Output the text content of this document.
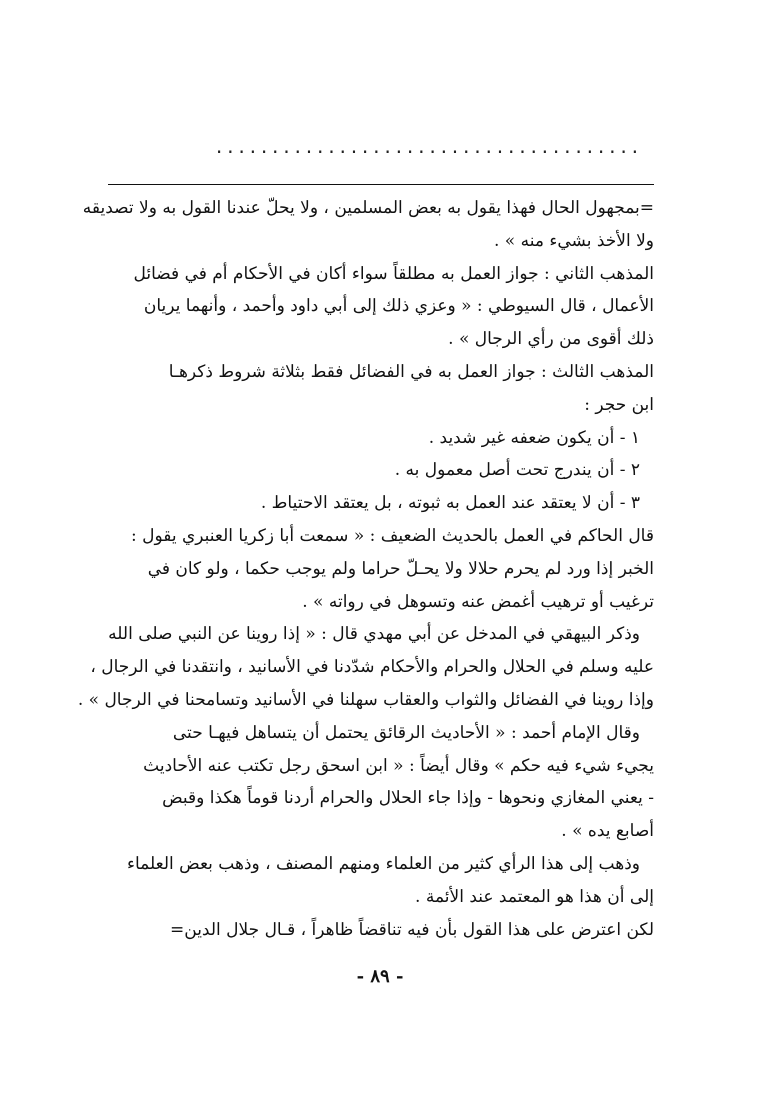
......................................
=بمجهول الحال فهذا يقول به بعض المسلمين ، ولا يحلّ عندنا القول به ولا تصديقه
ولا الأخذ بشيء منه » .
المذهب الثاني : جواز العمل به مطلقاً سواء أكان في الأحكام أم في فضائل
الأعمال ، قال السيوطي : « وعزي ذلك إلى أبي داود وأحمد ، وأنهما يريان
ذلك أقوى من رأي الرجال » .
المذهب الثالث : جواز العمل به في الفضائل فقط بثلاثة شروط ذكرهـا
ابن حجر :
١ - أن يكون ضعفه غير شديد .
٢ - أن يندرج تحت أصل معمول به .
٣ - أن لا يعتقد عند العمل به ثبوته ، بل يعتقد الاحتياط .
قال الحاكم في العمل بالحديث الضعيف : « سمعت أبا زكريا العنبري يقول :
الخبر إذا ورد لم يحرم حلالا ولا يحـلّ حراما ولم يوجب حكما ، ولو كان في
ترغيب أو ترهيب أغمض عنه وتسوهل في رواته » .
وذكر البيهقي في المدخل عن أبي مهدي قال : « إذا روينا عن النبي صلى الله
عليه وسلم في الحلال والحرام والأحكام شدّدنا في الأسانيد ، وانتقدنا في الرجال ،
وإذا روينا في الفضائل والثواب والعقاب سهلنا في الأسانيد وتسامحنا في الرجال » .
وقال الإمام أحمد : « الأحاديث الرقائق يحتمل أن يتساهل فيهـا حتى
يجيء شيء فيه حكم » وقال أيضاً : « ابن اسحق رجل تكتب عنه الأحاديث
- يعني المغازي ونحوها - وإذا جاء الحلال والحرام أردنا قوماً هكذا وقبض
أصابع يده » .
وذهب إلى هذا الرأي كثير من العلماء ومنهم المصنف ، وذهب بعض العلماء
إلى أن هذا هو المعتمد عند الأئمة .
لكن اعترض على هذا القول بأن فيه تناقضاً ظاهراً ، قـال جلال الدين=
- ٨٩ -
